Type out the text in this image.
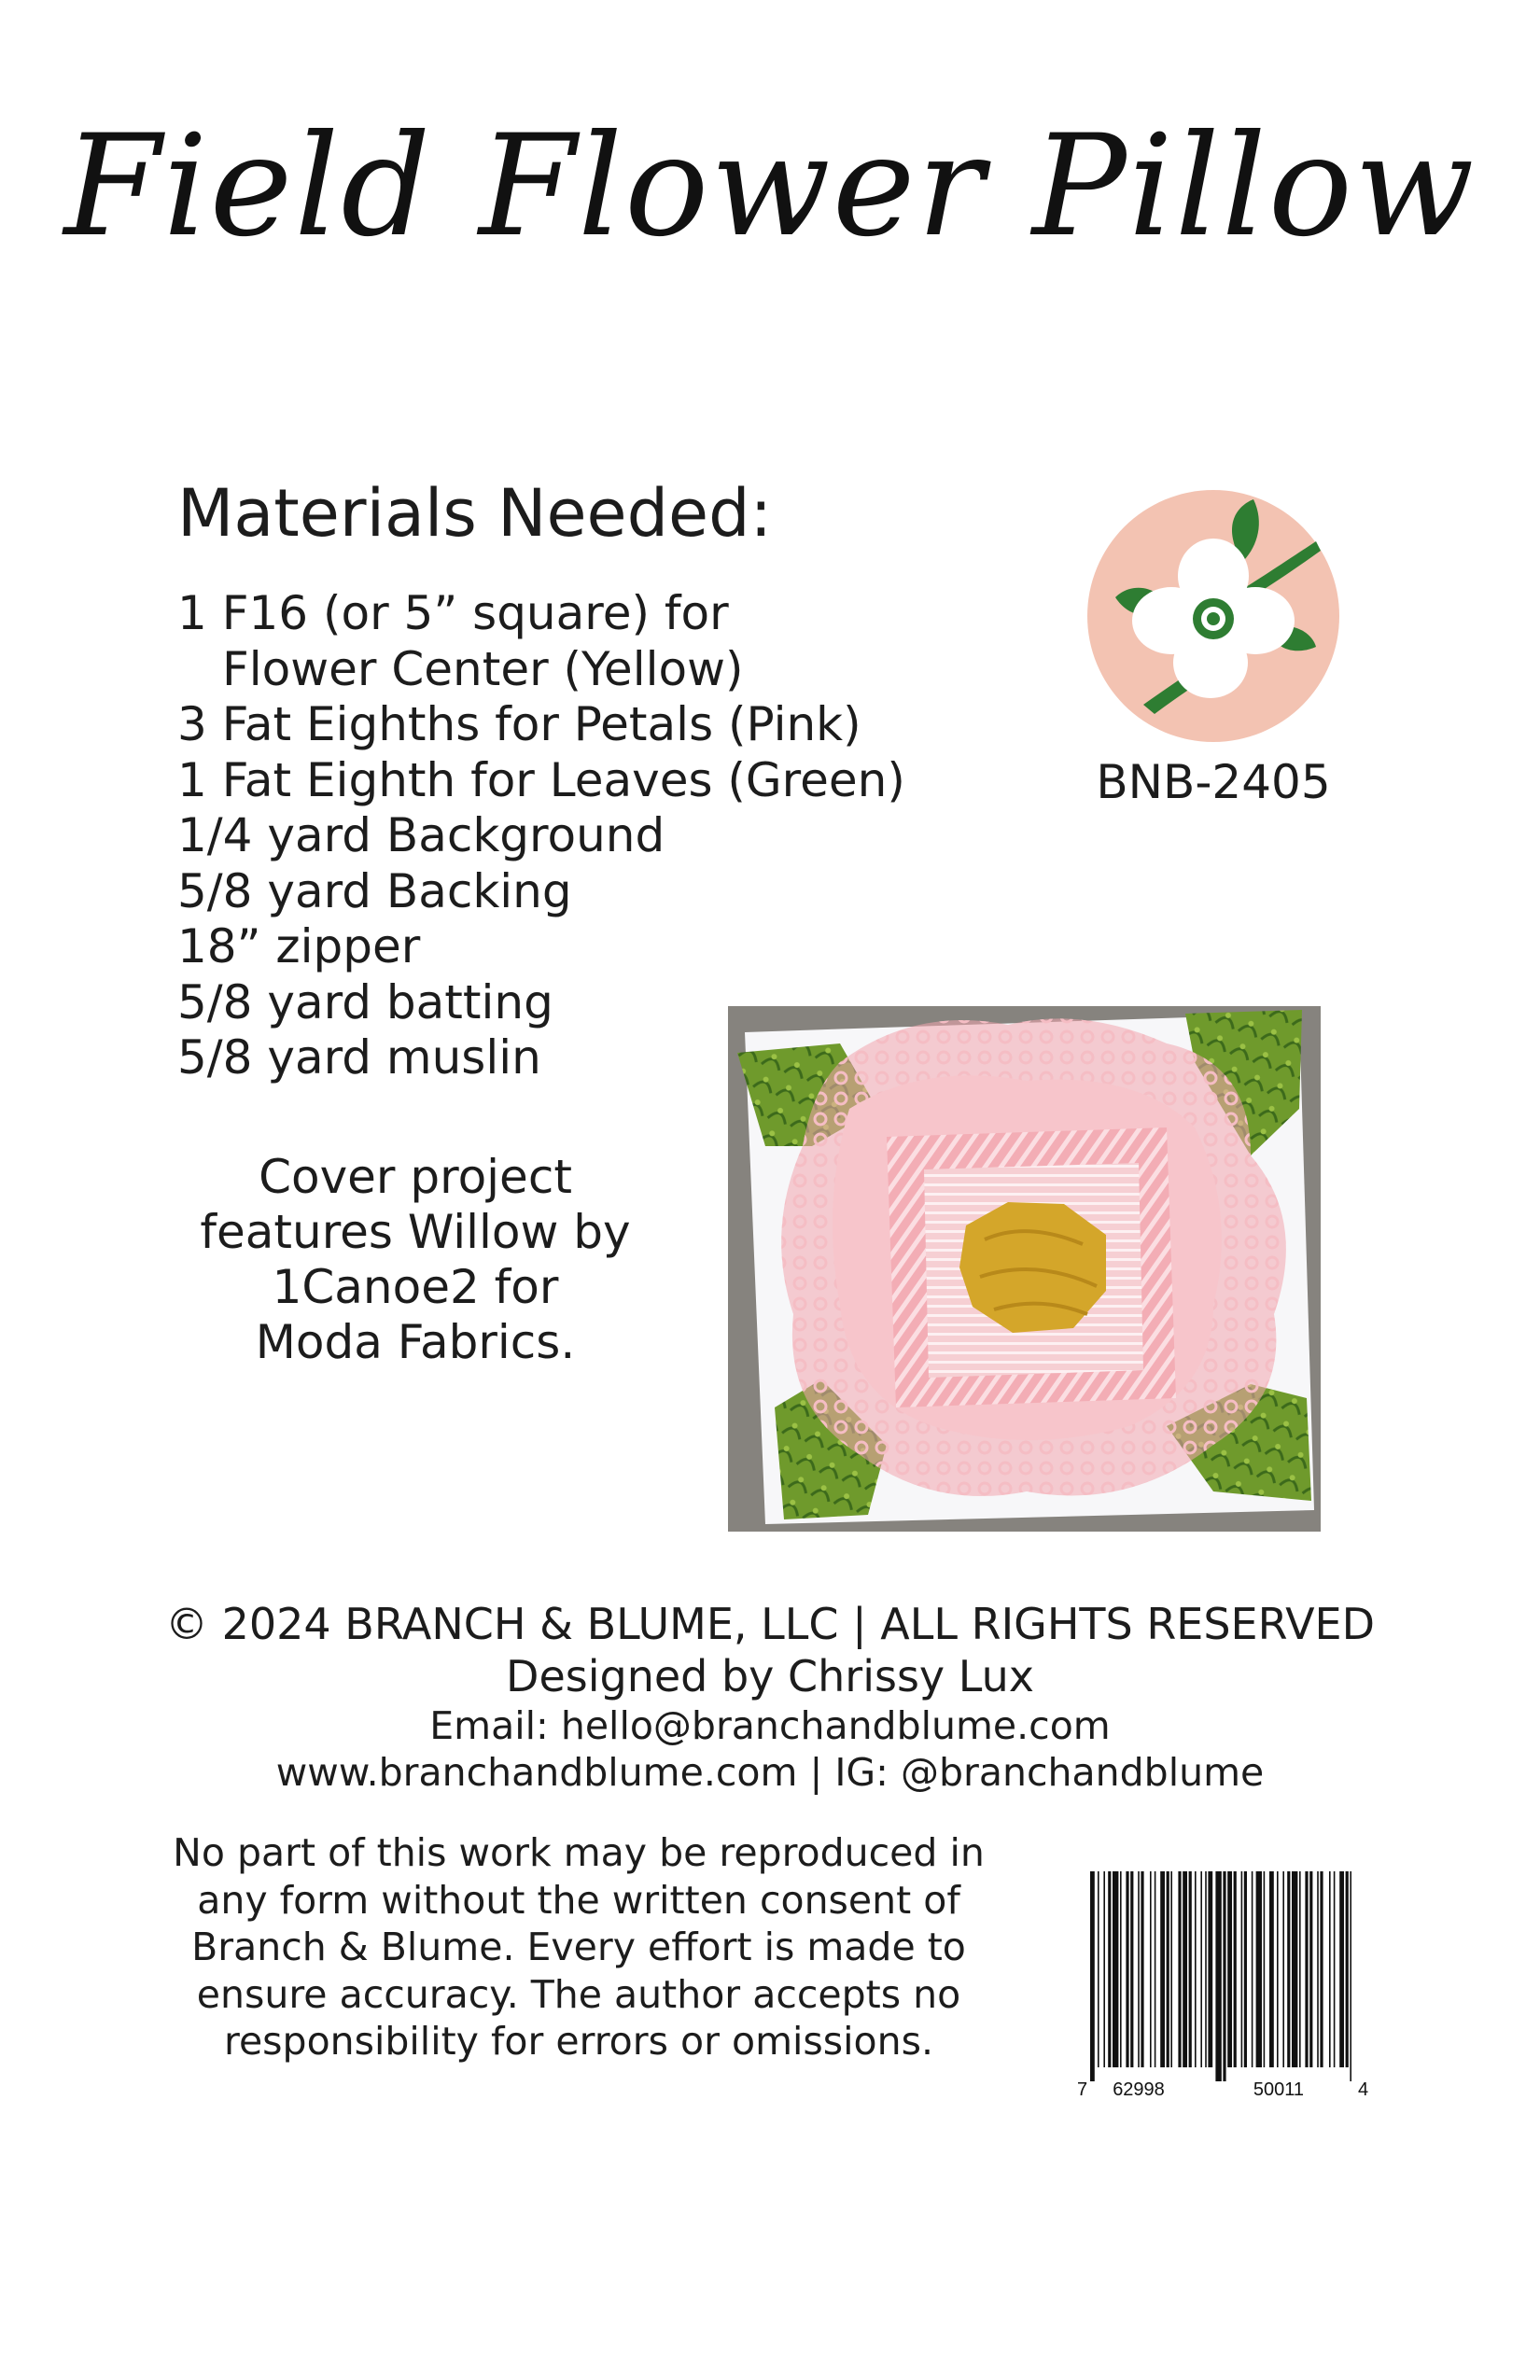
Field Flower Pillow
Materials Needed:
1 F16 (or 5” square) for
Flower Center (Yellow)
3 Fat Eighths for Petals (Pink)
1 Fat Eighth for Leaves (Green)
1/4 yard Background
5/8 yard Backing
18” zipper
5/8 yard batting
5/8 yard muslin
Cover project
features Willow by
1Canoe2 for
Moda Fabrics.
BNB-2405
© 2024 BRANCH & BLUME, LLC | ALL RIGHTS RESERVED
Designed by Chrissy Lux
Email: hello@branchandblume.com
www.branchandblume.com | IG: @branchandblume
No part of this work may be reproduced in
any form without the written consent of
Branch & Blume. Every effort is made to
ensure accuracy. The author accepts no
responsibility for errors or omissions.
7 62998	50011	4
